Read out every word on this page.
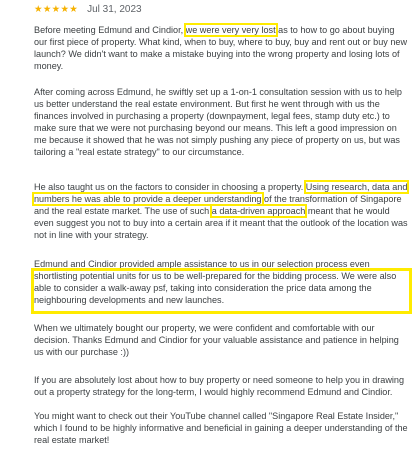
★★★★★ Jul 31, 2023

Before meeting Edmund and Cindior, we were very very lost as to how to go about buying our first piece of property. What kind, when to buy, where to buy, buy and rent out or buy new launch? We didn't want to make a mistake buying into the wrong property and losing lots of money.

After coming across Edmund, he swiftly set up a 1-on-1 consultation session with us to help us better understand the real estate environment. But first he went through with us the finances involved in purchasing a property (downpayment, legal fees, stamp duty etc.) to make sure that we were not purchasing beyond our means. This left a good impression on me because it showed that he was not simply pushing any piece of property on us, but was tailoring a "real estate strategy" to our circumstance.

He also taught us on the factors to consider in choosing a property. Using research, data and numbers he was able to provide a deeper understanding of the transformation of Singapore and the real estate market. The use of such a data-driven approach meant that he would even suggest you not to buy into a certain area if it meant that the outlook of the location was not in line with your strategy.

Edmund and Cindior provided ample assistance to us in our selection process even shortlisting potential units for us to be well-prepared for the bidding process. We were also able to consider a walk-away psf, taking into consideration the price data among the neighbouring developments and new launches.

When we ultimately bought our property, we were confident and comfortable with our decision. Thanks Edmund and Cindior for your valuable assistance and patience in helping us with our purchase :))

If you are absolutely lost about how to buy property or need someone to help you in drawing out a property strategy for the long-term, I would highly recommend Edmund and Cindior.

You might want to check out their YouTube channel called "Singapore Real Estate Insider," which I found to be highly informative and beneficial in gaining a deeper understanding of the real estate market!
